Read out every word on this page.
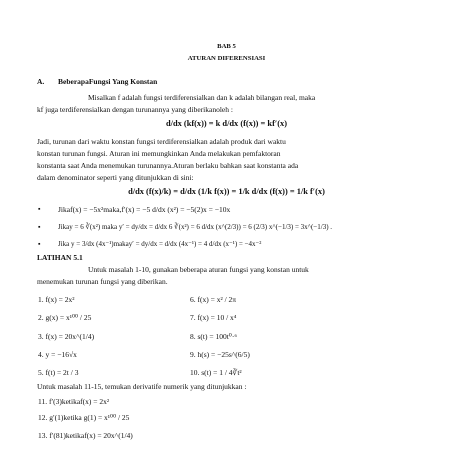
BAB 5
ATURAN DIFERENSIASI
A. BeberapaFungsi Yang Konstan
Misalkan f adalah fungsi terdiferensialkan dan k adalah bilangan real, maka
kf juga terdiferensialkan dengan turunannya yang diberikanoleh :
d/dx (kf(x)) = k d/dx (f(x)) = kf′(x)
Jadi, turunan dari waktu konstan fungsi terdiferensialkan adalah produk dari waktu
konstan turunan fungsi. Aturan ini memungkinkan Anda melakukan pemfaktoran
konstanta saat Anda menemukan turunannya.Aturan berlaku bahkan saat konstanta ada
dalam denominator seperti yang ditunjukkan di sini:
d/dx (f(x)/k) = d/dx (1/k f(x)) = 1/k d/dx (f(x)) = 1/k f′(x)
▪ Jikaf(x) = −5x²maka,f′(x) = −5 d/dx (x²) = −5(2)x = −10x
▪	Jikay = 6 ∛(x²) maka y′ = dy/dx = d/dx 6 ∛(x²) = 6 d/dx (x^(2/3)) = 6 (2/3) x^(−1/3) = 3x^(−1/3) .
▪	Jika y = 3/dx (4x⁻¹)makay′ = dy/dx = d/dx (4x⁻¹) = 4 d/dx (x⁻¹) = −4x⁻²
LATIHAN 5.1
Untuk masalah 1-10, gunakan beberapa aturan fungsi yang konstan untuk
menemukan turunan fungsi yang diberikan.
1. f(x) = 2x²
2. g(x) = x¹⁰⁰ / 25
3. f(x) = 20x^(1/4)
4. y = −16√x
5. f(t) = 2t / 3
6. f(x) = x² / 2π
7. f(x) = 10 / x⁴
8. s(t) = 100t⁰·⁶
9. h(s) = −25s^(6/5)
10. s(t) = 1 / 4∛t²
Untuk masalah 11-15, temukan derivatife numerik yang ditunjukkan :
11. f′(3)ketikaf(x) = 2x²
12. g′(1)ketika g(1) = x¹⁰⁰ / 25
13. f′(81)ketikaf(x) = 20x^(1/4)
